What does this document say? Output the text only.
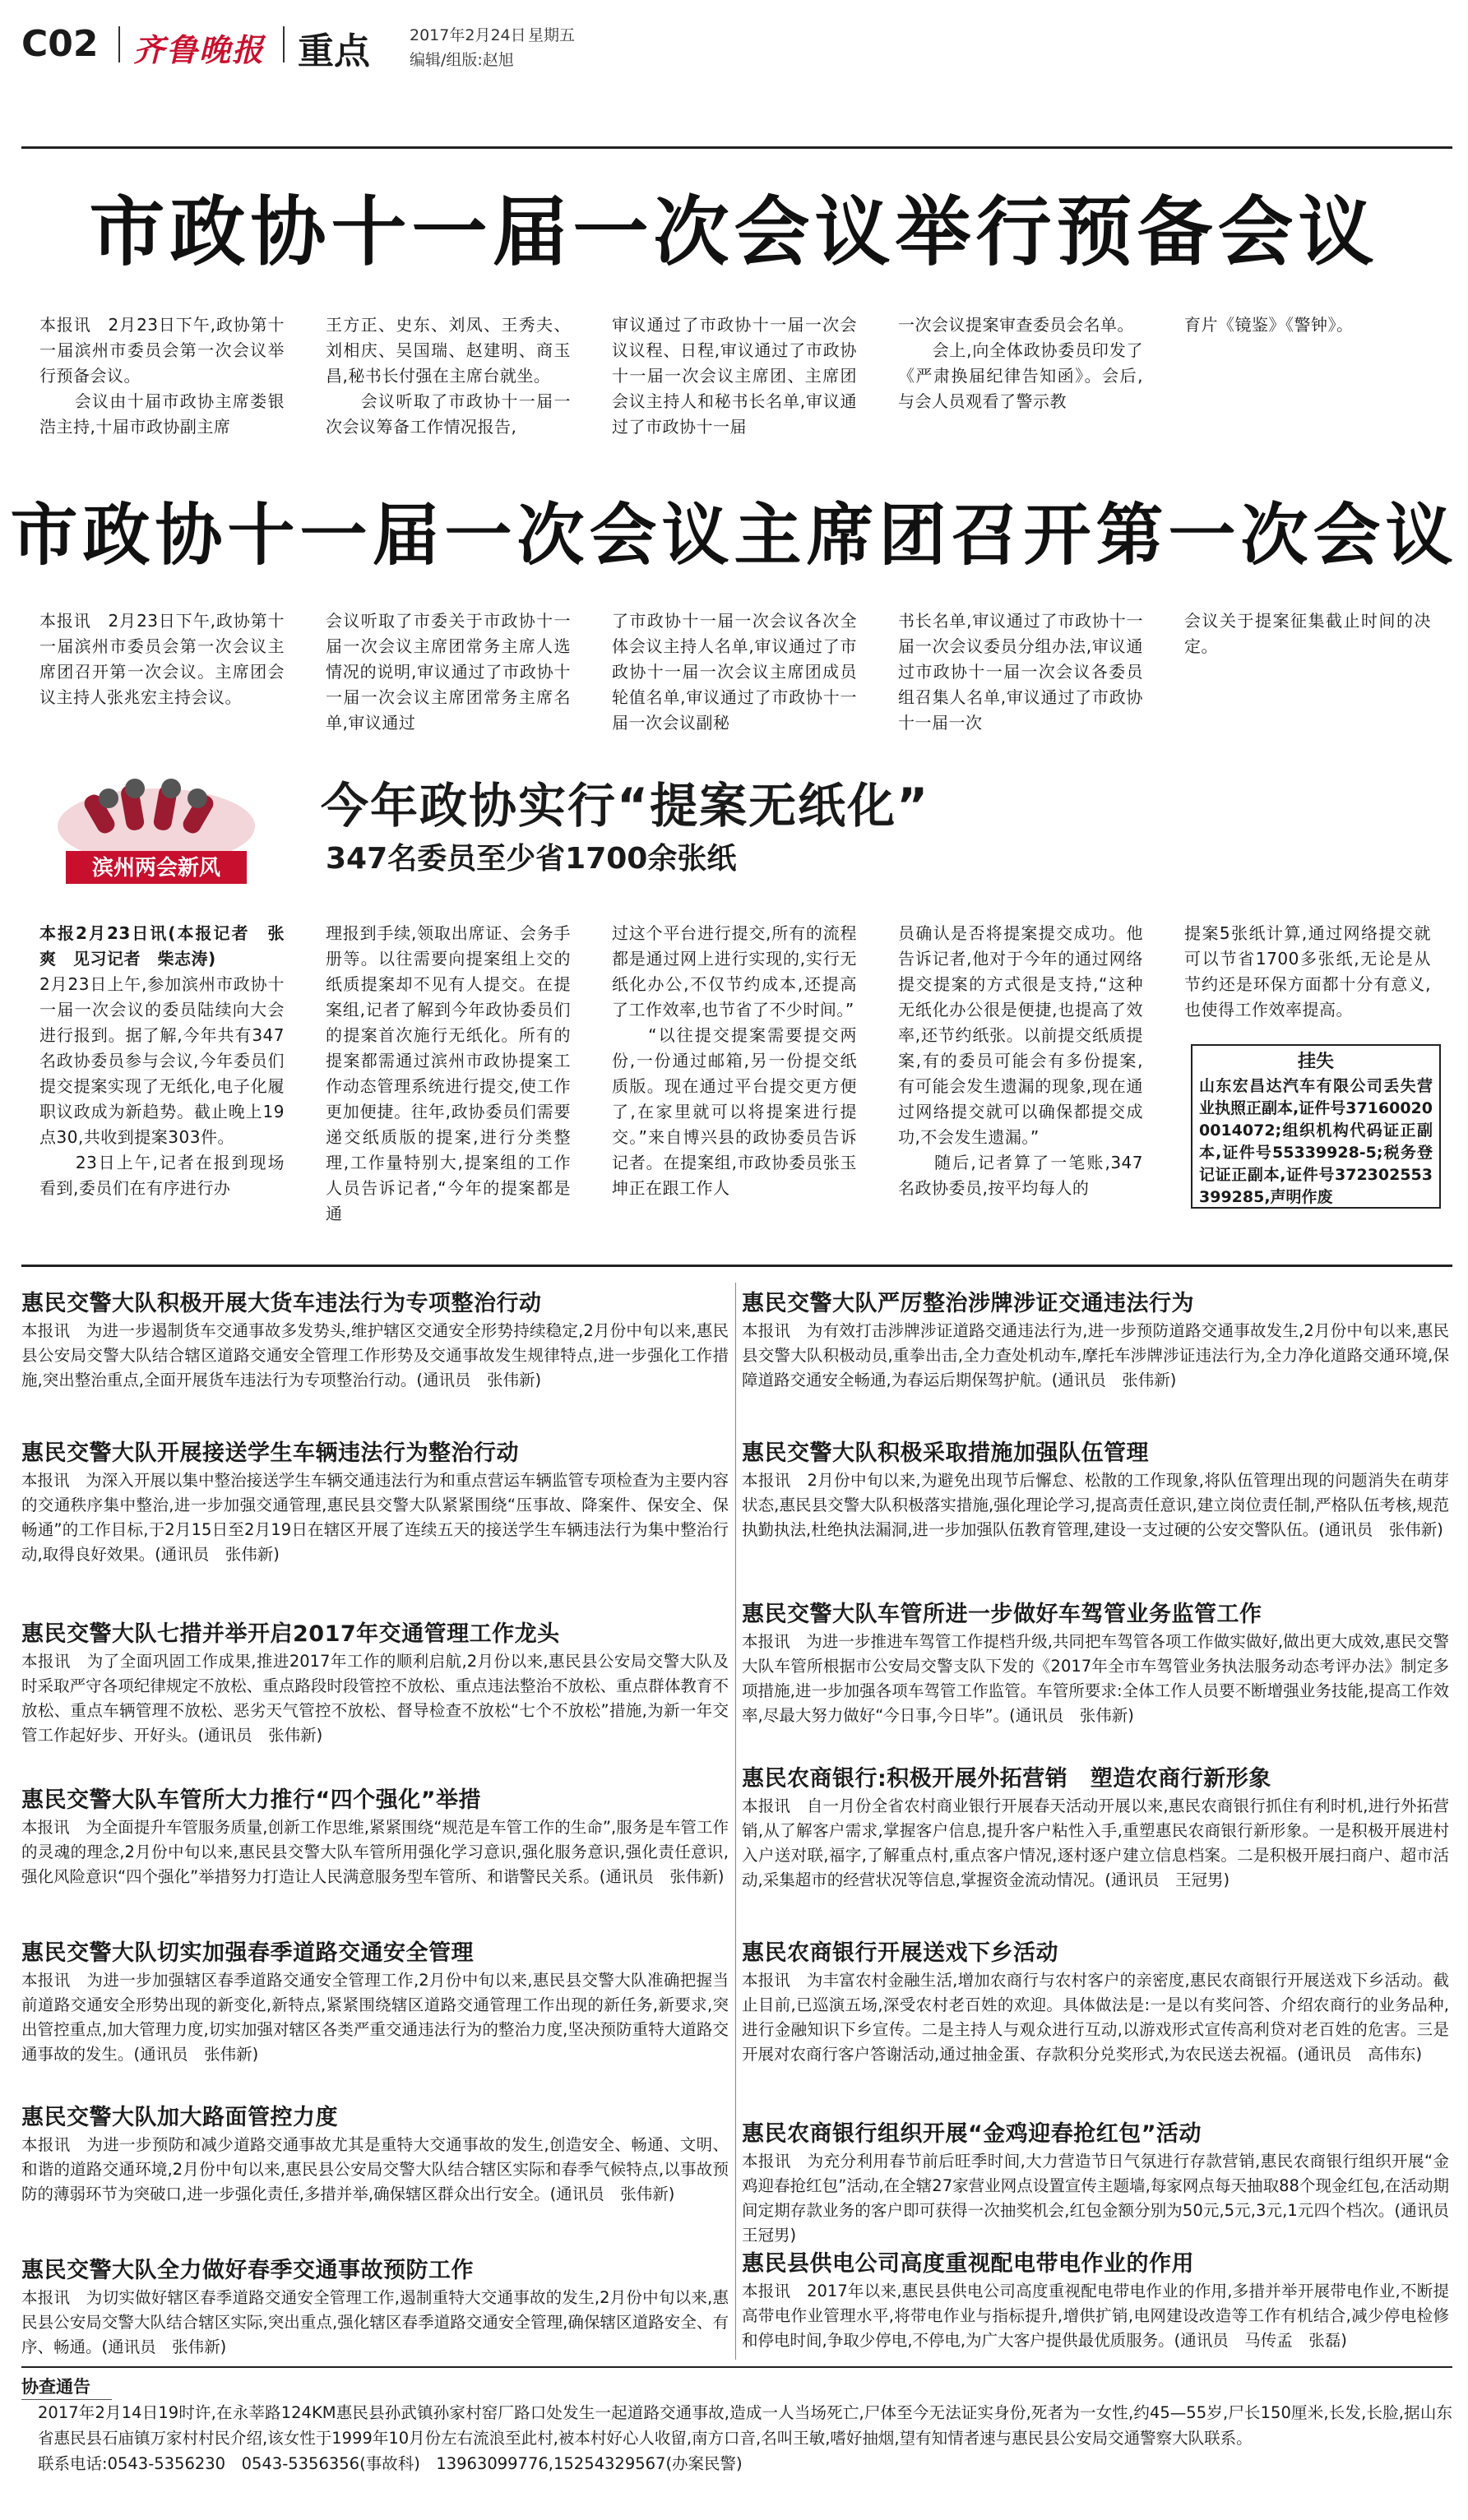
C02 齐鲁晚报 重点	2017年2月24日 星期五
编辑/组版:赵旭
市政协十一届一次会议举行预备会议
本报讯　2月23日下午,政协第十一届滨州市委员会第一次会议举行预备会议。
　　会议由十届市政协主席娄银浩主持,十届市政协副主席
王方正、史东、刘凤、王秀夫、刘相庆、吴国瑞、赵建明、商玉昌,秘书长付强在主席台就坐。
　　会议听取了市政协十一届一次会议筹备工作情况报告,
审议通过了市政协十一届一次会议议程、日程,审议通过了市政协十一届一次会议主席团、主席团会议主持人和秘书长名单,审议通过了市政协十一届
一次会议提案审查委员会名单。
　　会上,向全体政协委员印发了《严肃换届纪律告知函》。会后,与会人员观看了警示教
育片《镜鉴》《警钟》。
市政协十一届一次会议主席团召开第一次会议
本报讯　2月23日下午,政协第十一届滨州市委员会第一次会议主席团召开第一次会议。主席团会议主持人张兆宏主持会议。
会议听取了市委关于市政协十一届一次会议主席团常务主席人选情况的说明,审议通过了市政协十一届一次会议主席团常务主席名单,审议通过
了市政协十一届一次会议各次全体会议主持人名单,审议通过了市政协十一届一次会议主席团成员轮值名单,审议通过了市政协十一届一次会议副秘
书长名单,审议通过了市政协十一届一次会议委员分组办法,审议通过市政协十一届一次会议各委员组召集人名单,审议通过了市政协十一届一次
会议关于提案征集截止时间的决定。
滨州两会新风
今年政协实行“提案无纸化”
347名委员至少省1700余张纸
本报2月23日讯(本报记者　张爽　见习记者　柴志涛)
2月23日上午,参加滨州市政协十一届一次会议的委员陆续向大会进行报到。据了解,今年共有347名政协委员参与会议,今年委员们提交提案实现了无纸化,电子化履职议政成为新趋势。截止晚上19点30,共收到提案303件。
　　23日上午,记者在报到现场看到,委员们在有序进行办
理报到手续,领取出席证、会务手册等。以往需要向提案组上交的纸质提案却不见有人提交。在提案组,记者了解到今年政协委员们的提案首次施行无纸化。所有的提案都需通过滨州市政协提案工作动态管理系统进行提交,使工作更加便捷。往年,政协委员们需要递交纸质版的提案,进行分类整理,工作量特别大,提案组的工作人员告诉记者,“今年的提案都是通
过这个平台进行提交,所有的流程都是通过网上进行实现的,实行无纸化办公,不仅节约成本,还提高了工作效率,也节省了不少时间。”
　　“以往提交提案需要提交两份,一份通过邮箱,另一份提交纸质版。现在通过平台提交更方便了,在家里就可以将提案进行提交。”来自博兴县的政协委员告诉记者。在提案组,市政协委员张玉坤正在跟工作人
员确认是否将提案提交成功。他告诉记者,他对于今年的通过网络提交提案的方式很是支持,“这种无纸化办公很是便捷,也提高了效率,还节约纸张。以前提交纸质提案,有的委员可能会有多份提案,有可能会发生遗漏的现象,现在通过网络提交就可以确保都提交成功,不会发生遗漏。”
　　随后,记者算了一笔账,347名政协委员,按平均每人的
提案5张纸计算,通过网络提交就可以节省1700多张纸,无论是从节约还是环保方面都十分有意义,也使得工作效率提高。
挂失
山东宏昌达汽车有限公司丢失营业执照正副本,证件号371600200014072;组织机构代码证正副本,证件号55339928-5;税务登记证正副本,证件号372302553399285,声明作废
惠民交警大队积极开展大货车违法行为专项整治行动
本报讯　为进一步遏制货车交通事故多发势头,维护辖区交通安全形势持续稳定,2月份中旬以来,惠民县公安局交警大队结合辖区道路交通安全管理工作形势及交通事故发生规律特点,进一步强化工作措施,突出整治重点,全面开展货车违法行为专项整治行动。(通讯员　张伟新)
惠民交警大队开展接送学生车辆违法行为整治行动
本报讯　为深入开展以集中整治接送学生车辆交通违法行为和重点营运车辆监管专项检查为主要内容的交通秩序集中整治,进一步加强交通管理,惠民县交警大队紧紧围绕“压事故、降案件、保安全、保畅通”的工作目标,于2月15日至2月19日在辖区开展了连续五天的接送学生车辆违法行为集中整治行动,取得良好效果。(通讯员　张伟新)
惠民交警大队七措并举开启2017年交通管理工作龙头
本报讯　为了全面巩固工作成果,推进2017年工作的顺利启航,2月份以来,惠民县公安局交警大队及时采取严守各项纪律规定不放松、重点路段时段管控不放松、重点违法整治不放松、重点群体教育不放松、重点车辆管理不放松、恶劣天气管控不放松、督导检查不放松“七个不放松”措施,为新一年交管工作起好步、开好头。(通讯员　张伟新)
惠民交警大队车管所大力推行“四个强化”举措
本报讯　为全面提升车管服务质量,创新工作思维,紧紧围绕“规范是车管工作的生命”,服务是车管工作的灵魂的理念,2月份中旬以来,惠民县交警大队车管所用强化学习意识,强化服务意识,强化责任意识,强化风险意识“四个强化”举措努力打造让人民满意服务型车管所、和谐警民关系。(通讯员　张伟新)
惠民交警大队切实加强春季道路交通安全管理
本报讯　为进一步加强辖区春季道路交通安全管理工作,2月份中旬以来,惠民县交警大队准确把握当前道路交通安全形势出现的新变化,新特点,紧紧围绕辖区道路交通管理工作出现的新任务,新要求,突出管控重点,加大管理力度,切实加强对辖区各类严重交通违法行为的整治力度,坚决预防重特大道路交通事故的发生。(通讯员　张伟新)
惠民交警大队加大路面管控力度
本报讯　为进一步预防和减少道路交通事故尤其是重特大交通事故的发生,创造安全、畅通、文明、和谐的道路交通环境,2月份中旬以来,惠民县公安局交警大队结合辖区实际和春季气候特点,以事故预防的薄弱环节为突破口,进一步强化责任,多措并举,确保辖区群众出行安全。(通讯员　张伟新)
惠民交警大队全力做好春季交通事故预防工作
本报讯　为切实做好辖区春季道路交通安全管理工作,遏制重特大交通事故的发生,2月份中旬以来,惠民县公安局交警大队结合辖区实际,突出重点,强化辖区春季道路交通安全管理,确保辖区道路安全、有序、畅通。(通讯员　张伟新)
惠民交警大队严厉整治涉牌涉证交通违法行为
本报讯　为有效打击涉牌涉证道路交通违法行为,进一步预防道路交通事故发生,2月份中旬以来,惠民县交警大队积极动员,重拳出击,全力查处机动车,摩托车涉牌涉证违法行为,全力净化道路交通环境,保障道路交通安全畅通,为春运后期保驾护航。(通讯员　张伟新)
惠民交警大队积极采取措施加强队伍管理
本报讯　2月份中旬以来,为避免出现节后懈怠、松散的工作现象,将队伍管理出现的问题消失在萌芽状态,惠民县交警大队积极落实措施,强化理论学习,提高责任意识,建立岗位责任制,严格队伍考核,规范执勤执法,杜绝执法漏洞,进一步加强队伍教育管理,建设一支过硬的公安交警队伍。(通讯员　张伟新)
惠民交警大队车管所进一步做好车驾管业务监管工作
本报讯　为进一步推进车驾管工作提档升级,共同把车驾管各项工作做实做好,做出更大成效,惠民交警大队车管所根据市公安局交警支队下发的《2017年全市车驾管业务执法服务动态考评办法》制定多项措施,进一步加强各项车驾管工作监管。车管所要求:全体工作人员要不断增强业务技能,提高工作效率,尽最大努力做好“今日事,今日毕”。(通讯员　张伟新)
惠民农商银行:积极开展外拓营销　塑造农商行新形象
本报讯　自一月份全省农村商业银行开展春天活动开展以来,惠民农商银行抓住有利时机,进行外拓营销,从了解客户需求,掌握客户信息,提升客户粘性入手,重塑惠民农商银行新形象。一是积极开展进村入户送对联,福字,了解重点村,重点客户情况,逐村逐户建立信息档案。二是积极开展扫商户、超市活动,采集超市的经营状况等信息,掌握资金流动情况。(通讯员　王冠男)
惠民农商银行开展送戏下乡活动
本报讯　为丰富农村金融生活,增加农商行与农村客户的亲密度,惠民农商银行开展送戏下乡活动。截止目前,已巡演五场,深受农村老百姓的欢迎。具体做法是:一是以有奖问答、介绍农商行的业务品种,进行金融知识下乡宣传。二是主持人与观众进行互动,以游戏形式宣传高利贷对老百姓的危害。三是开展对农商行客户答谢活动,通过抽金蛋、存款积分兑奖形式,为农民送去祝福。(通讯员　高伟东)
惠民农商银行组织开展“金鸡迎春抢红包”活动
本报讯　为充分利用春节前后旺季时间,大力营造节日气氛进行存款营销,惠民农商银行组织开展“金鸡迎春抢红包”活动,在全辖27家营业网点设置宣传主题墙,每家网点每天抽取88个现金红包,在活动期间定期存款业务的客户即可获得一次抽奖机会,红包金额分别为50元,5元,3元,1元四个档次。(通讯员　王冠男)
惠民县供电公司高度重视配电带电作业的作用
本报讯　2017年以来,惠民县供电公司高度重视配电带电作业的作用,多措并举开展带电作业,不断提高带电作业管理水平,将带电作业与指标提升,增供扩销,电网建设改造等工作有机结合,减少停电检修和停电时间,争取少停电,不停电,为广大客户提供最优质服务。(通讯员　马传孟　张磊)
协查通告
2017年2月14日19时许,在永莘路124KM惠民县孙武镇孙家村窑厂路口处发生一起道路交通事故,造成一人当场死亡,尸体至今无法证实身份,死者为一女性,约45—55岁,尸长150厘米,长发,长脸,据山东省惠民县石庙镇万家村村民介绍,该女性于1999年10月份左右流浪至此村,被本村好心人收留,南方口音,名叫王敏,嗜好抽烟,望有知情者速与惠民县公安局交通警察大队联系。
联系电话:0543-5356230　0543-5356356(事故科)　13963099776,15254329567(办案民警)
